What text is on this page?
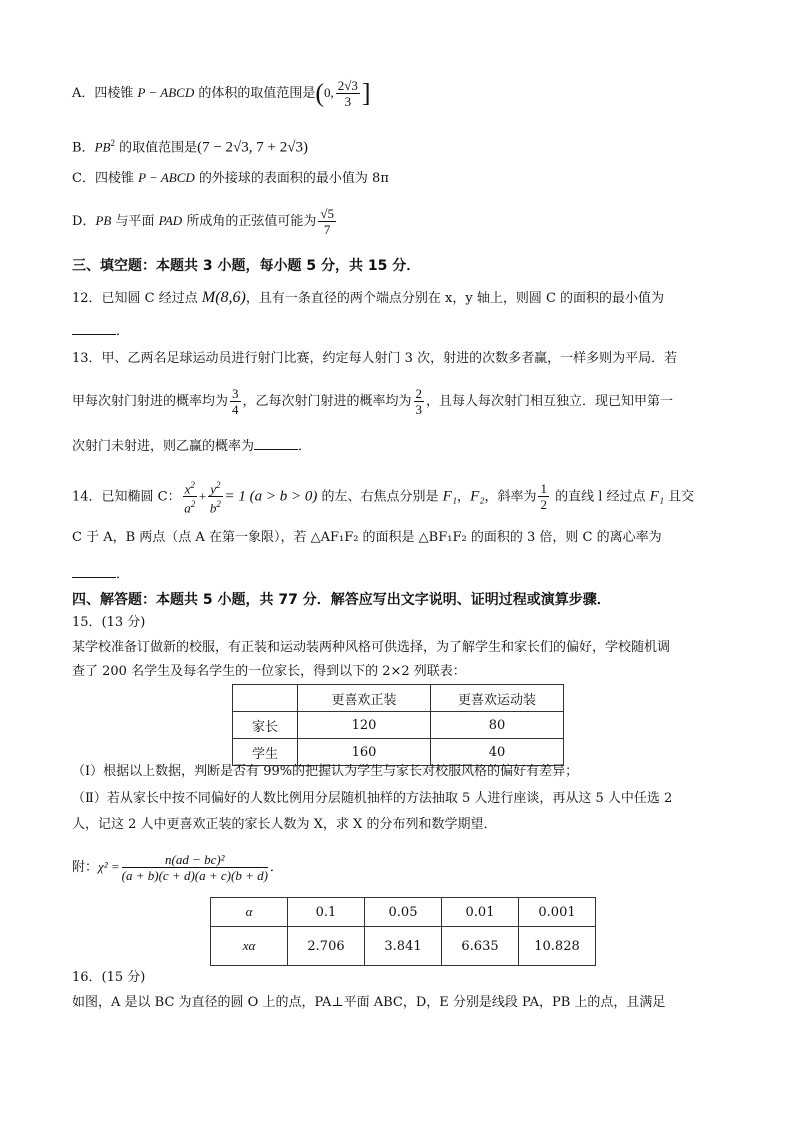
A．四棱锥 P − ABCD 的体积的取值范围是(0, $\frac{2√3}{3}$ ]
B．$PB^2$ 的取值范围是(7 − 2√3, 7 + 2√3)
C．四棱锥 P − ABCD 的外接球的表面积的最小值为 8π
D．PB 与平面 PAD 所成角的正弦值可能为 $\frac{√5}{7}$
三、填空题：本题共 3 小题，每小题 5 分，共 15 分．
12．已知圆 C 经过点 M(8,6)，且有一条直径的两个端点分别在 x，y 轴上，则圆 C 的面积的最小值为
．
13．甲、乙两名足球运动员进行射门比赛，约定每人射门 3 次，射进的次数多者赢，一样多则为平局．若
甲每次射门射进的概率均为 $\frac{3}{4}$ ，乙每次射门射进的概率均为 $\frac{2}{3}$ ，且每人每次射门相互独立．现已知甲第一
次射门未射进，则乙赢的概率为	．
14．已知椭圆 C： $\frac{x^2}{a^2} + \frac{y^2}{b^2} = 1$ (a > b > 0) 的左、右焦点分别是 F₁，F₂，斜率为 $\frac{1}{2}$ 的直线 l 经过点 F₁ 且交
C 于 A，B 两点（点 A 在第一象限），若 △AF₁F₂ 的面积是 △BF₁F₂ 的面积的 3 倍，则 C 的离心率为
．
四、解答题：本题共 5 小题，共 77 分．解答应写出文字说明、证明过程或演算步骤．
15．(13 分)
某学校准备订做新的校服，有正装和运动装两种风格可供选择，为了解学生和家长们的偏好，学校随机调
查了 200 名学生及每名学生的一位家长，得到以下的 2×2 列联表：
	更喜欢正装	更喜欢运动装
家长	120	80
学生	160	40
（Ⅰ）根据以上数据，判断是否有 99%的把握认为学生与家长对校服风格的偏好有差异；
（Ⅱ）若从家长中按不同偏好的人数比例用分层随机抽样的方法抽取 5 人进行座谈，再从这 5 人中任选 2
人，记这 2 人中更喜欢正装的家长人数为 X，求 X 的分布列和数学期望．
附：$\chi^2 = \frac{\text{n(ad − bc)²}}{(a + b)(c + d)(a + c)(b + d)}$ ．
α	0.1	0.05	0.01	0.001
xα	2.706	3.841	6.635	10.828
16．(15 分)
如图，A 是以 BC 为直径的圆 O 上的点，PA⊥平面 ABC，D，E 分别是线段 PA，PB 上的点，且满足
